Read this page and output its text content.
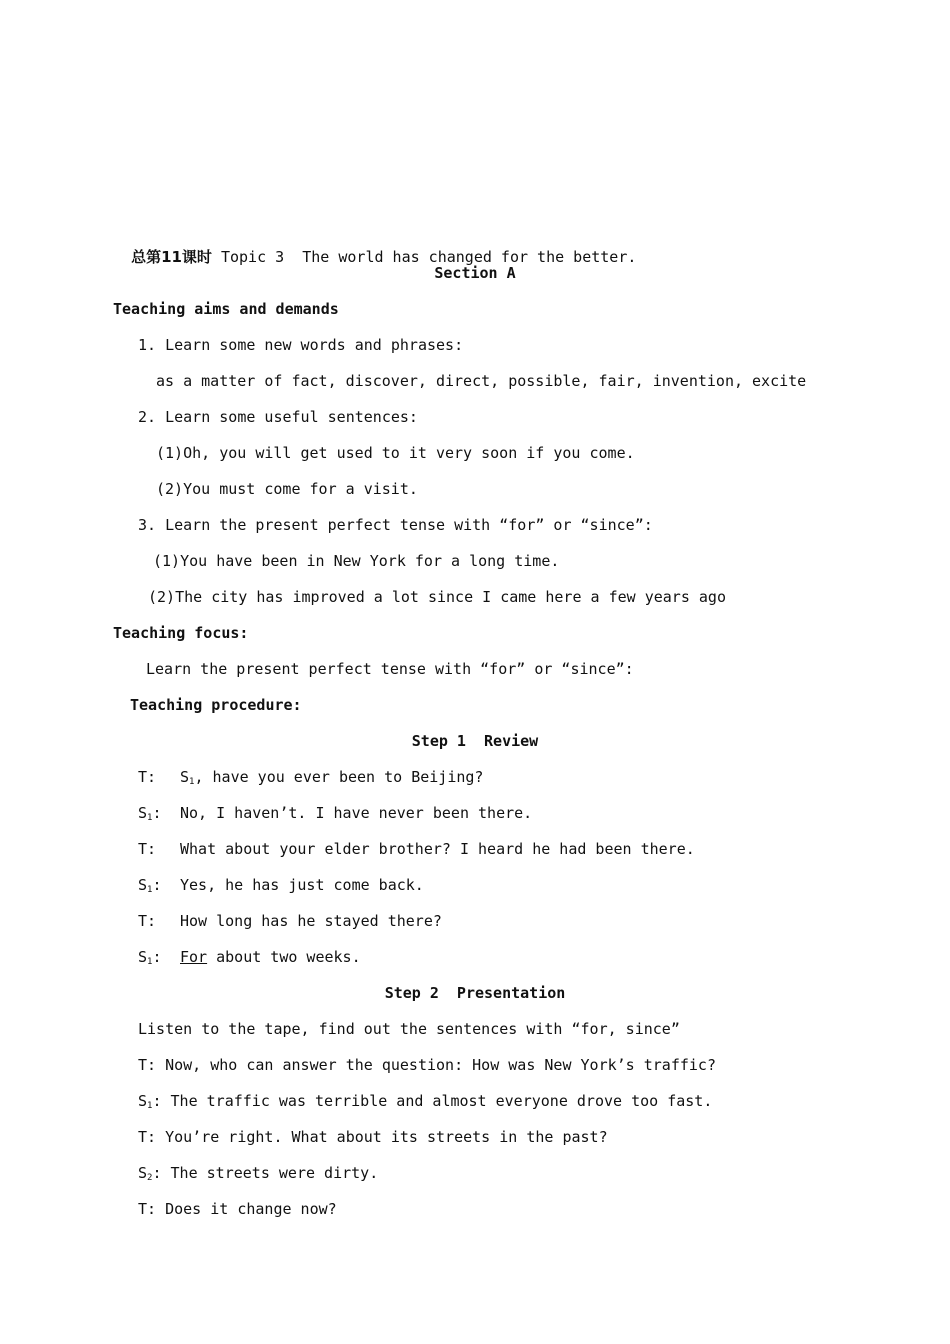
总第11课时 Topic 3  The world has changed for the better.

Section A
Teaching aims and demands
1. Learn some new words and phrases:
as a matter of fact, discover, direct, possible, fair, invention, excite
2. Learn some useful sentences:
(1)Oh, you will get used to it very soon if you come.
(2)You must come for a visit.
3. Learn the present perfect tense with “for” or “since”:
(1)You have been in New York for a long time.
(2)The city has improved a lot since I came here a few years ago
Teaching focus:
Learn the present perfect tense with “for” or “since”:
Teaching procedure:
Step 1  Review
T: $S_1$, have you ever been to Beijing?
$S_1$: No, I haven’t. I have never been there.
T: What about your elder brother? I heard he had been there.
$S_1$: Yes, he has just come back.
T: How long has he stayed there?
$S_1$: For about two weeks.
Step 2  Presentation
Listen to the tape, find out the sentences with “for, since”
T: Now, who can answer the question: How was New York’s traffic?
$S_1$: The traffic was terrible and almost everyone drove too fast.
T: You’re right. What about its streets in the past?
$S_2$: The streets were dirty.
T: Does it change now?
